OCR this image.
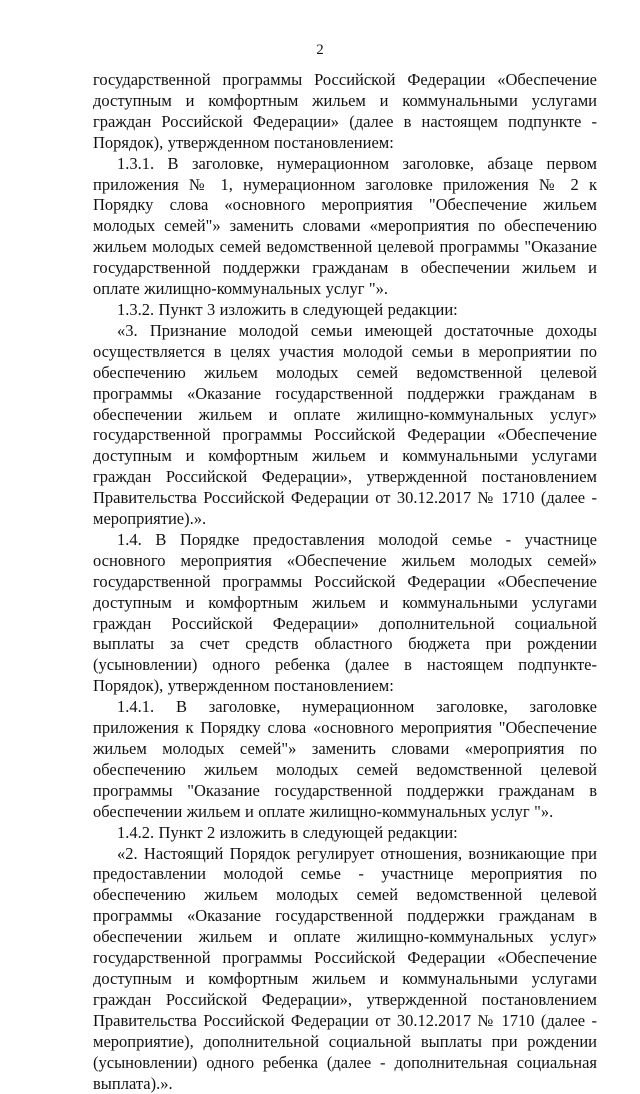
2

государственной программы Российской Федерации «Обеспечение доступным и комфортным жильем и коммунальными услугами граждан Российской Федерации» (далее в настоящем подпункте - Порядок), утвержденном постановлением:

1.3.1. В заголовке, нумерационном заголовке, абзаце первом приложения № 1, нумерационном заголовке приложения № 2 к Порядку слова «основного мероприятия "Обеспечение жильем молодых семей"» заменить словами «мероприятия по обеспечению жильем молодых семей ведомственной целевой программы "Оказание государственной поддержки гражданам в обеспечении жильем и оплате жилищно-коммунальных услуг "».

1.3.2. Пункт 3 изложить в следующей редакции:

«3. Признание молодой семьи имеющей достаточные доходы осуществляется в целях участия молодой семьи в мероприятии по обеспечению жильем молодых семей ведомственной целевой программы «Оказание государственной поддержки гражданам в обеспечении жильем и оплате жилищно-коммунальных услуг» государственной программы Российской Федерации «Обеспечение доступным и комфортным жильем и коммунальными услугами граждан Российской Федерации», утвержденной постановлением Правительства Российской Федерации от 30.12.2017 № 1710 (далее - мероприятие).».

1.4. В Порядке предоставления молодой семье - участнице основного мероприятия «Обеспечение жильем молодых семей» государственной программы Российской Федерации «Обеспечение доступным и комфортным жильем и коммунальными услугами граждан Российской Федерации» дополнительной социальной выплаты за счет средств областного бюджета при рождении (усыновлении) одного ребенка (далее в настоящем подпункте-Порядок), утвержденном постановлением:

1.4.1. В заголовке, нумерационном заголовке, заголовке приложения к Порядку слова «основного мероприятия "Обеспечение жильем молодых семей"» заменить словами «мероприятия по обеспечению жильем молодых семей ведомственной целевой программы "Оказание государственной поддержки гражданам в обеспечении жильем и оплате жилищно-коммунальных услуг "».

1.4.2. Пункт 2 изложить в следующей редакции:

«2. Настоящий Порядок регулирует отношения, возникающие при предоставлении молодой семье - участнице мероприятия по обеспечению жильем молодых семей ведомственной целевой программы «Оказание государственной поддержки гражданам в обеспечении жильем и оплате жилищно-коммунальных услуг» государственной программы Российской Федерации «Обеспечение доступным и комфортным жильем и коммунальными услугами граждан Российской Федерации», утвержденной постановлением Правительства Российской Федерации от 30.12.2017 № 1710 (далее - мероприятие), дополнительной социальной выплаты при рождении (усыновлении) одного ребенка (далее - дополнительная социальная выплата).».
